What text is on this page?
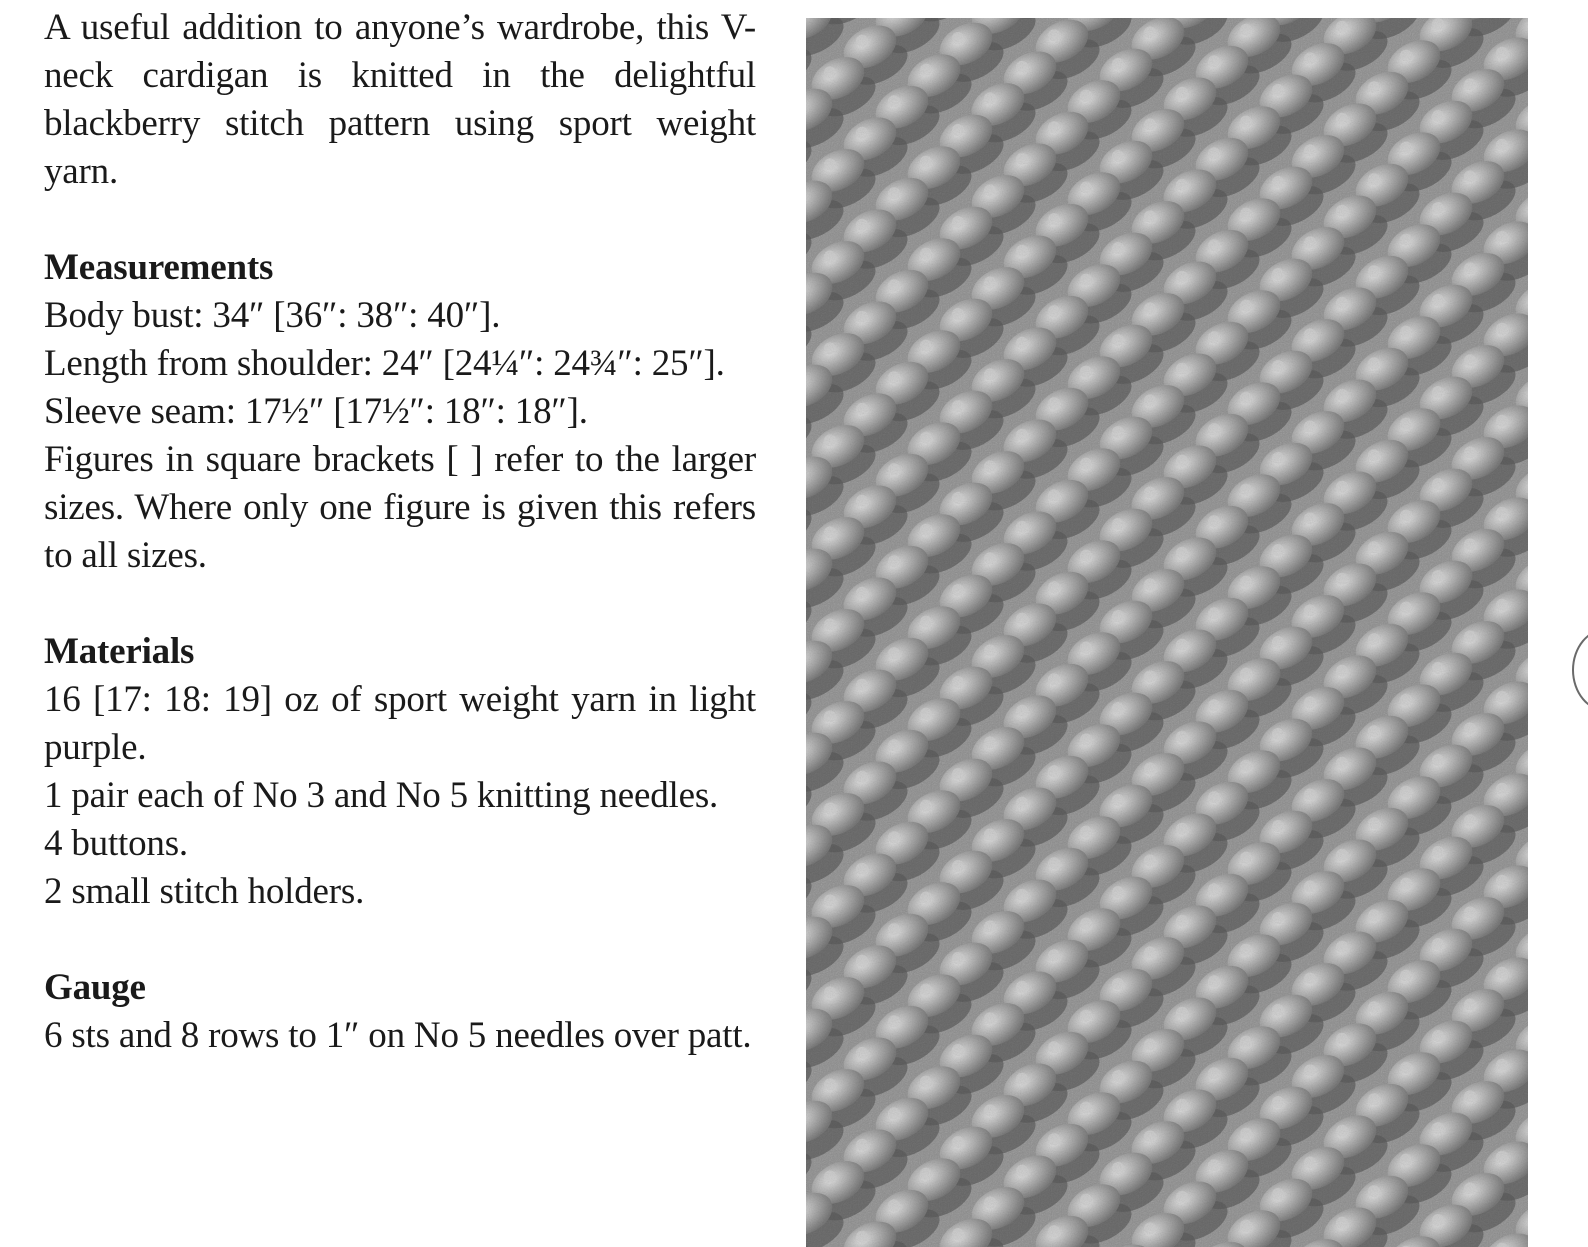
A useful addition to anyone’s wardrobe, this V-neck cardigan is knitted in the delightful blackberry stitch pattern using sport weight yarn.

Measurements

Body bust: 34″ [36″: 38″: 40″].

Length from shoulder: 24″ [24¼″: 24¾″: 25″].

Sleeve seam: 17½″ [17½″: 18″: 18″].

Figures in square brackets [ ] refer to the larger sizes. Where only one figure is given this refers to all sizes.

Materials

16 [17: 18: 19] oz of sport weight yarn in light purple.

1 pair each of No 3 and No 5 knitting needles.

4 buttons.

2 small stitch holders.

Gauge

6 sts and 8 rows to 1″ on No 5 needles over patt.
